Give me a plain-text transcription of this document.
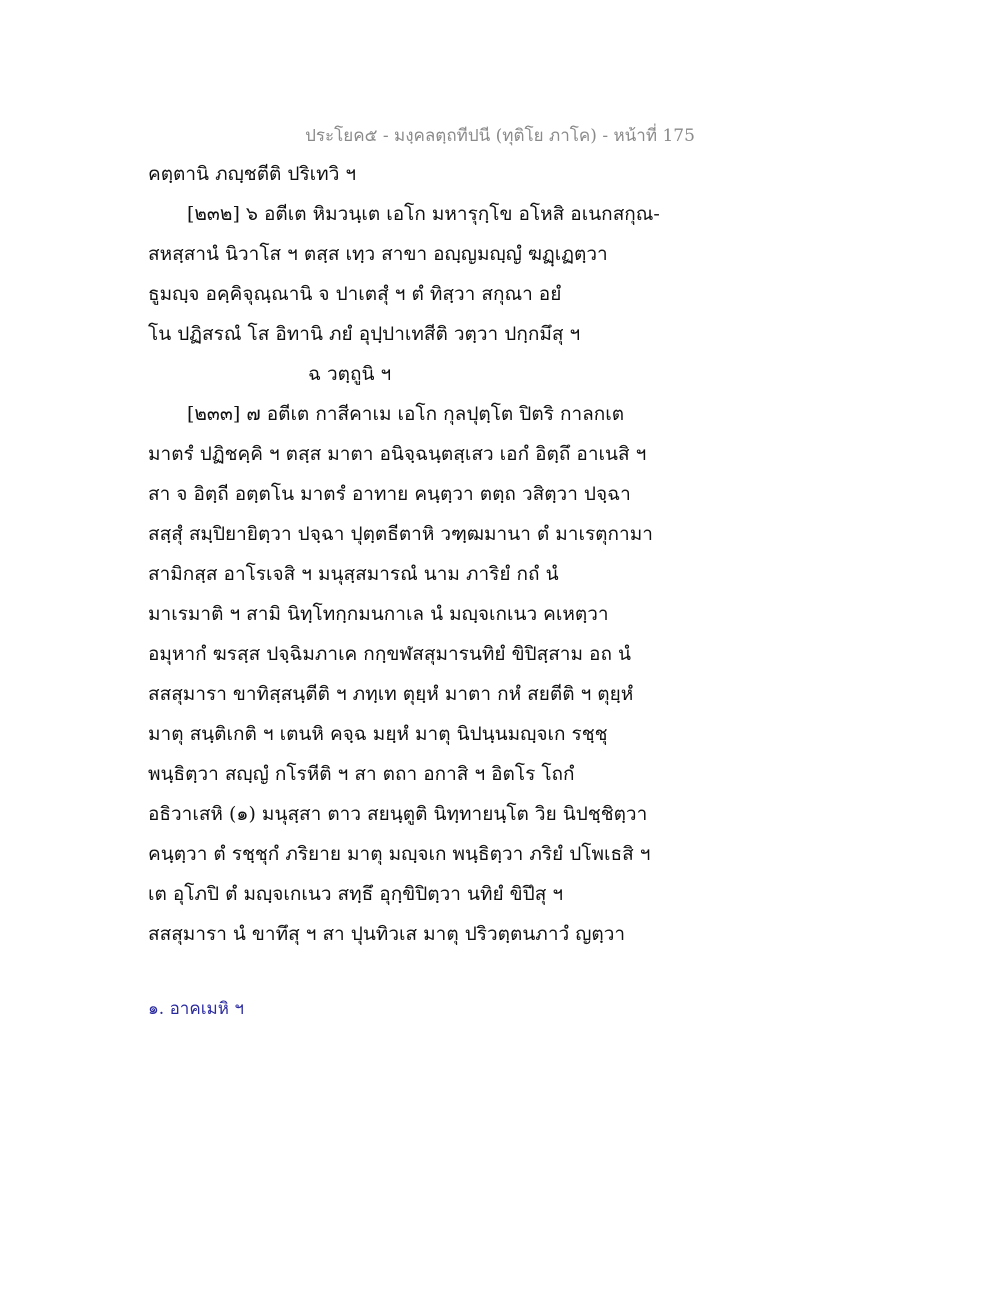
ประโยค๕ - มงฺคลตฺถทีปนี (ทุติโย ภาโค) - หน้าที่ 175
คตฺตานิ ภญฺชตีติ ปริเทวิ ฯ
[๒๓๒] ๖ อตีเต หิมวนฺเต เอโก มหารุกฺโข อโหสิ อเนกสกุณ-
สหสฺสานํ นิวาโส ฯ ตสฺส เทฺว สาขา อญฺญมญฺญํ ฆฏฺเฏตฺวา
ธูมญฺจ อคฺคิจุณฺณานิ จ ปาเตสุํ ฯ ตํ ทิสฺวา สกุณา อยํ
โน ปฏิสรณํ โส อิทานิ ภยํ อุปฺปาเทสีติ วตฺวา ปกฺกมึสุ ฯ
ฉ วตฺถูนิ ฯ
[๒๓๓] ๗ อตีเต กาสีคาเม เอโก กุลปุตฺโต ปิตริ กาลกเต
มาตรํ ปฏิชคฺคิ ฯ ตสฺส มาตา อนิจฺฉนฺตสฺเสว เอกํ อิตฺถึ อาเนสิ ฯ
สา จ อิตฺถี อตฺตโน มาตรํ อาทาย คนฺตฺวา ตตฺถ วสิตฺวา ปจฺฉา
สสฺสุํ สมฺปิยายิตฺวา ปจฺฉา ปุตฺตธีตาหิ วฑฺฒมานา ตํ มาเรตุกามา
สามิกสฺส อาโรเจสิ ฯ มนุสฺสมารณํ นาม ภาริยํ กถํ นํ
มาเรมาติ ฯ สามิ นิทฺโทกฺกมนกาเล นํ มญฺจเกเนว คเหตฺวา
อมุหากํ ฆรสฺส ปจฺฉิมภาเค กกฺขฬสสุมารนทิยํ ขิปิสฺสาม อถ นํ
สสสุมารา ขาทิสฺสนฺตีติ ฯ ภทฺเท ตุยฺหํ มาตา กหํ สยตีติ ฯ ตุยฺหํ
มาตุ สนฺติเกติ ฯ เตนหิ คจฺฉ มยฺหํ มาตุ นิปนฺนมญฺจเก รชฺชุ
พนฺธิตฺวา สญฺญํ กโรหีติ ฯ สา ตถา อกาสิ ฯ อิตโร โถกํ
อธิวาเสหิ (๑) มนุสฺสา ตาว สยนฺตูติ นิทฺทายนฺโต วิย นิปชฺชิตฺวา
คนฺตฺวา ตํ รชฺชุกํ ภริยาย มาตุ มญฺจเก พนฺธิตฺวา ภริยํ ปโพเธสิ ฯ
เต อุโภปิ ตํ มญฺจเกเนว สทฺธึ อุกฺขิปิตฺวา นทิยํ ขิปึสุ ฯ
สสสุมารา นํ ขาทึสุ ฯ สา ปุนทิวเส มาตุ ปริวตฺตนภาวํ ญตฺวา
๑. อาคเมหิ ฯ
